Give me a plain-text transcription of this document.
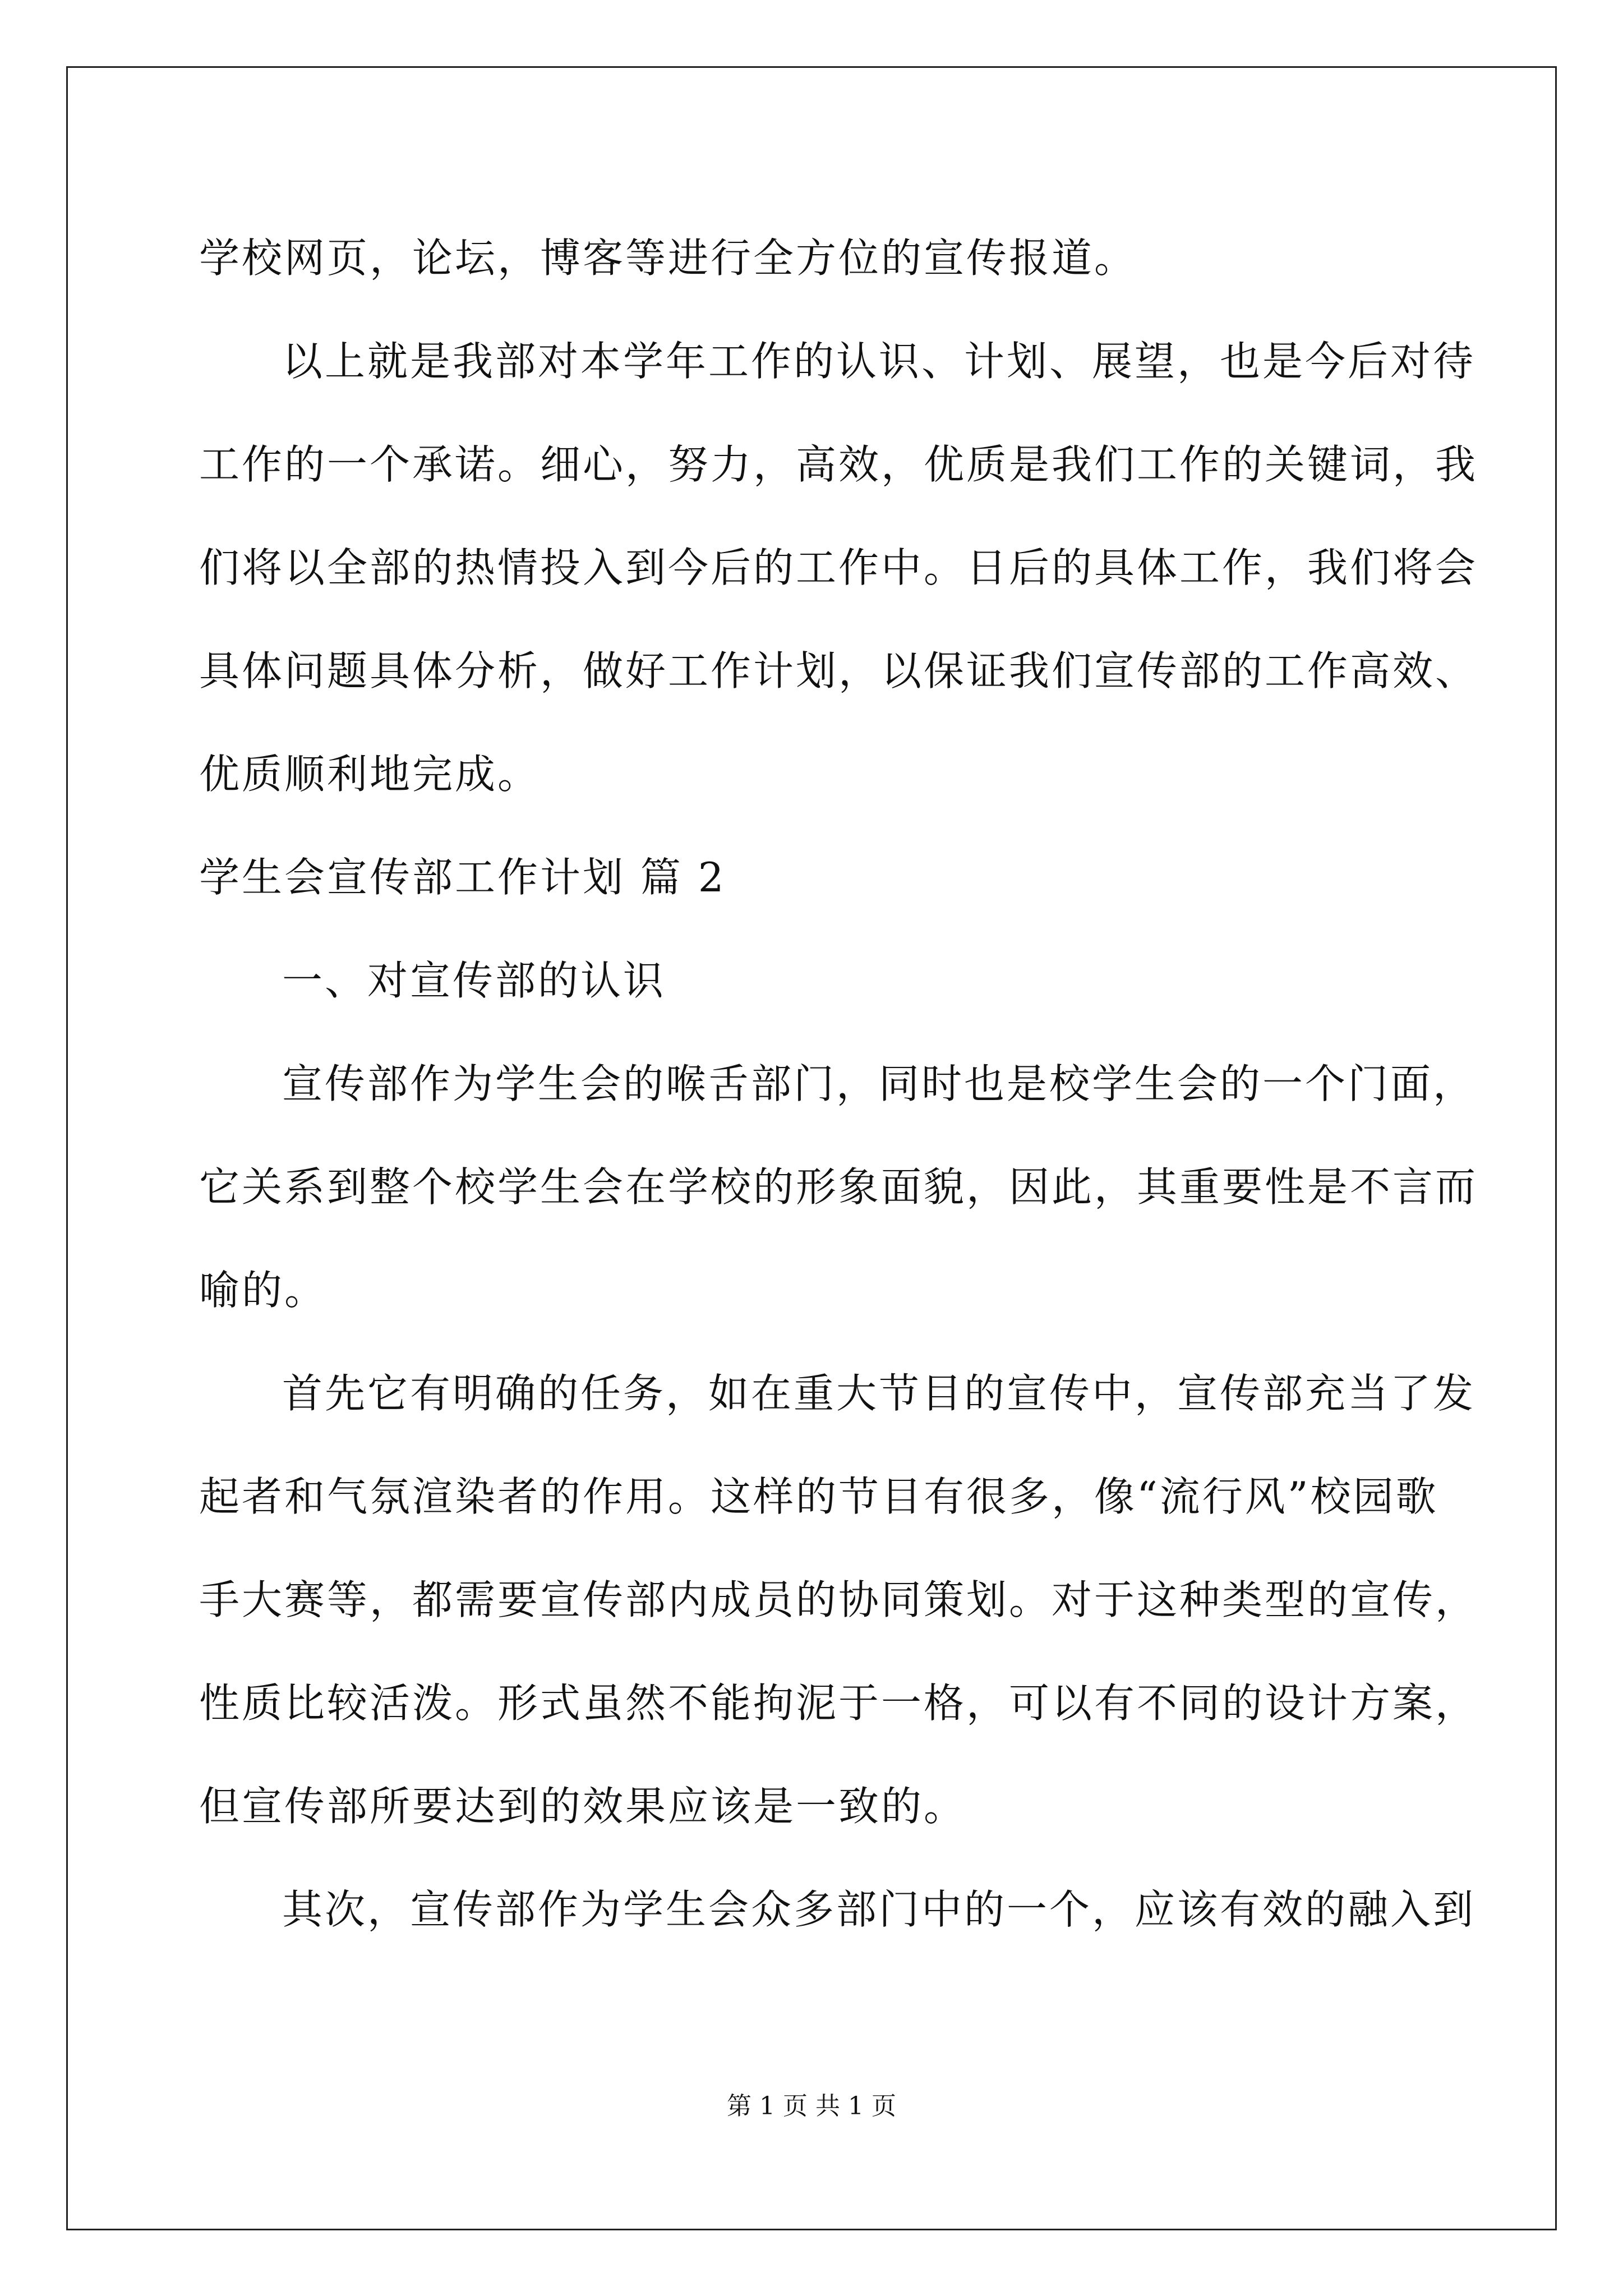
学校网页，论坛，博客等进行全方位的宣传报道。
以上就是我部对本学年工作的认识、计划、展望，也是今后对待
工作的一个承诺。细心，努力，高效，优质是我们工作的关键词，我
们将以全部的热情投入到今后的工作中。日后的具体工作，我们将会
具体问题具体分析，做好工作计划，以保证我们宣传部的工作高效、
优质顺利地完成。
学生会宣传部工作计划 篇 2
一、对宣传部的认识
宣传部作为学生会的喉舌部门，同时也是校学生会的一个门面，
它关系到整个校学生会在学校的形象面貌，因此，其重要性是不言而
喻的。
首先它有明确的任务，如在重大节目的宣传中，宣传部充当了发
起者和气氛渲染者的作用。这样的节目有很多，像“流行风”校园歌
手大赛等，都需要宣传部内成员的协同策划。对于这种类型的宣传，
性质比较活泼。形式虽然不能拘泥于一格，可以有不同的设计方案，
但宣传部所要达到的效果应该是一致的。
其次，宣传部作为学生会众多部门中的一个，应该有效的融入到
第 1 页 共 1 页
